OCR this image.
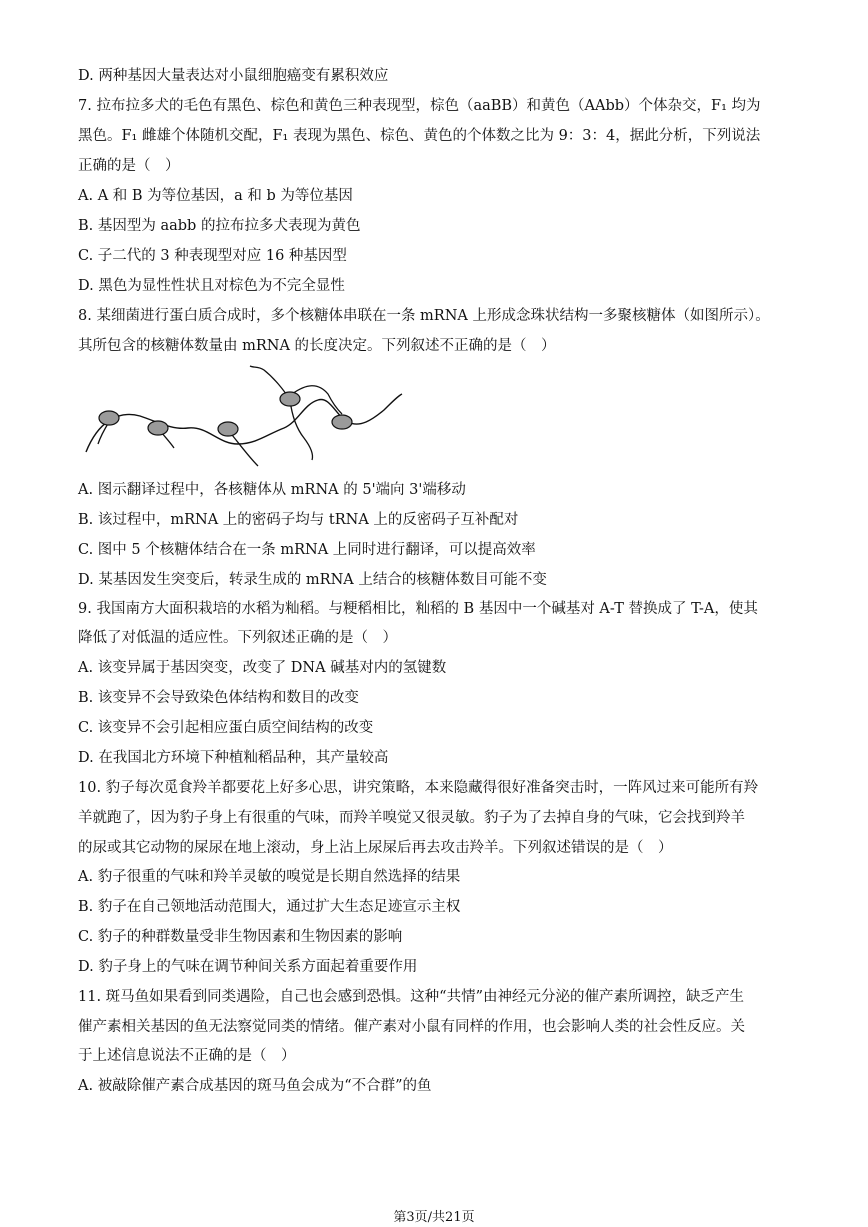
D. 两种基因大量表达对小鼠细胞癌变有累积效应
7. 拉布拉多犬的毛色有黑色、棕色和黄色三种表现型，棕色（aaBB）和黄色（AAbb）个体杂交，F₁ 均为
黑色。F₁ 雌雄个体随机交配，F₁ 表现为黑色、棕色、黄色的个体数之比为 9：3：4，据此分析，下列说法
正确的是（　）
A. A 和 B 为等位基因，a 和 b 为等位基因
B. 基因型为 aabb 的拉布拉多犬表现为黄色
C. 子二代的 3 种表现型对应 16 种基因型
D. 黑色为显性性状且对棕色为不完全显性
8. 某细菌进行蛋白质合成时，多个核糖体串联在一条 mRNA 上形成念珠状结构一多聚核糖体（如图所示）。
其所包含的核糖体数量由 mRNA 的长度决定。下列叙述不正确的是（　）
A. 图示翻译过程中，各核糖体从 mRNA 的 5'端向 3'端移动
B. 该过程中，mRNA 上的密码子均与 tRNA 上的反密码子互补配对
C. 图中 5 个核糖体结合在一条 mRNA 上同时进行翻译，可以提高效率
D. 某基因发生突变后，转录生成的 mRNA 上结合的核糖体数目可能不变
9. 我国南方大面积栽培的水稻为籼稻。与粳稻相比，籼稻的 B 基因中一个碱基对 A-T 替换成了 T-A，使其
降低了对低温的适应性。下列叙述正确的是（　）
A. 该变异属于基因突变，改变了 DNA 碱基对内的氢键数
B. 该变异不会导致染色体结构和数目的改变
C. 该变异不会引起相应蛋白质空间结构的改变
D. 在我国北方环境下种植籼稻品种，其产量较高
10. 豹子每次觅食羚羊都要花上好多心思，讲究策略，本来隐藏得很好准备突击时，一阵风过来可能所有羚
羊就跑了，因为豹子身上有很重的气味，而羚羊嗅觉又很灵敏。豹子为了去掉自身的气味，它会找到羚羊
的尿或其它动物的屎尿在地上滚动，身上沾上尿屎后再去攻击羚羊。下列叙述错误的是（　）
A. 豹子很重的气味和羚羊灵敏的嗅觉是长期自然选择的结果
B. 豹子在自己领地活动范围大，通过扩大生态足迹宣示主权
C. 豹子的种群数量受非生物因素和生物因素的影响
D. 豹子身上的气味在调节种间关系方面起着重要作用
11. 斑马鱼如果看到同类遇险，自己也会感到恐惧。这种“共情”由神经元分泌的催产素所调控，缺乏产生
催产素相关基因的鱼无法察觉同类的情绪。催产素对小鼠有同样的作用，也会影响人类的社会性反应。关
于上述信息说法不正确的是（　）
A. 被敲除催产素合成基因的斑马鱼会成为“不合群”的鱼
第3页/共21页
